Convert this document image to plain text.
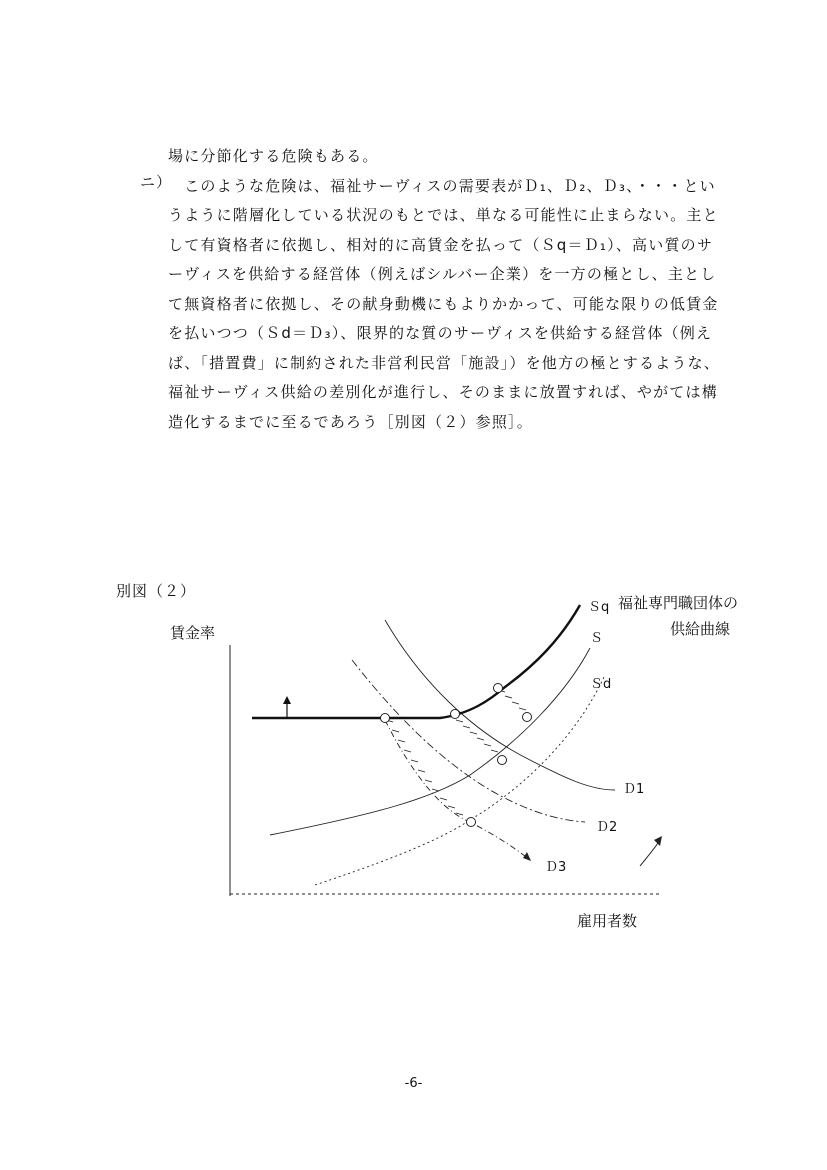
場に分節化する危険もある。
　このような危険は、福祉サーヴィスの需要表がＤ₁、Ｄ₂、Ｄ₃、・・・とい
うように階層化している状況のもとでは、単なる可能性に止まらない。主と
して有資格者に依拠し、相対的に高賃金を払って（Ｓq＝Ｄ₁）、高い質のサ
ーヴィスを供給する経営体（例えばシルバー企業）を一方の極とし、主とし
て無資格者に依拠し、その献身動機にもよりかかって、可能な限りの低賃金
を払いつつ（Ｓd＝Ｄ₃）、限界的な質のサーヴィスを供給する経営体（例え
ば、「措置費」に制約された非営利民営「施設」）を他方の極とするような、
福祉サーヴィス供給の差別化が進行し、そのままに放置すれば、やがては構
造化するまでに至るであろう［別図（２）参照］。
ニ）
別図（２）
賃金率
雇用者数
福祉専門職団体の
供給曲線
Ｓq
Ｓ
Ｓd
Ｄ1
Ｄ2
Ｄ3
-6-
